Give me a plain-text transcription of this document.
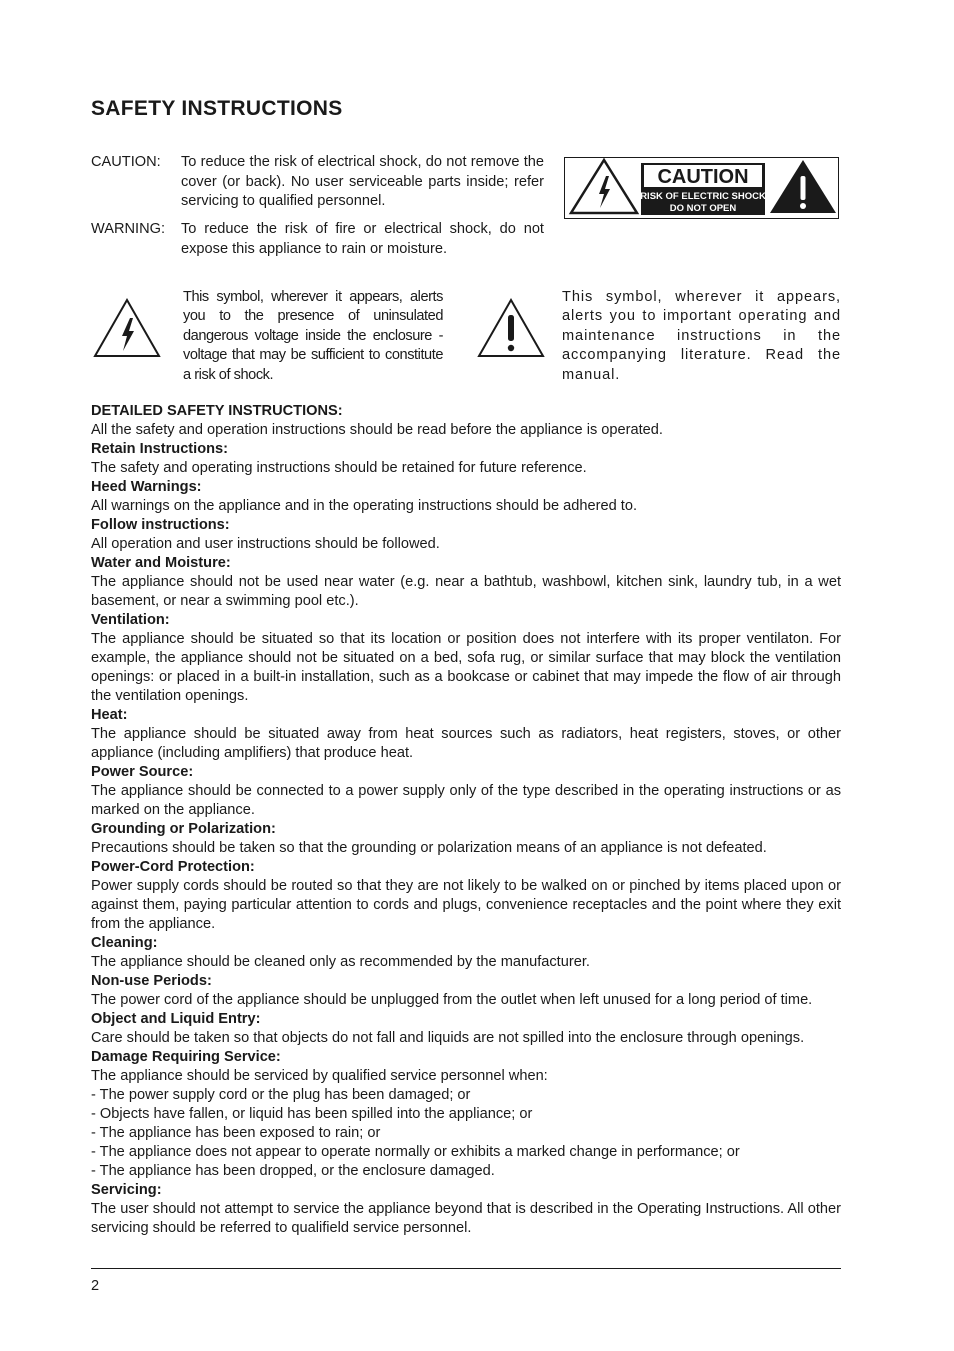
SAFETY INSTRUCTIONS
CAUTION: To reduce the risk of electrical shock, do not remove the cover (or back). No user serviceable parts inside; refer servicing to qualified personnel.
WARNING: To reduce the risk of fire or electrical shock, do not expose this appliance to rain or moisture.
CAUTION
RISK OF ELECTRIC SHOCK
DO NOT OPEN
This symbol, wherever it appears, alerts you to the presence of uninsulated dangerous voltage inside the enclosure - voltage that may be sufficient to constitute a risk of shock.
This symbol, wherever it appears, alerts you to important operating and maintenance instructions in the accompanying literature. Read the manual.
DETAILED SAFETY INSTRUCTIONS:
All the safety and operation instructions should be read before the appliance is operated.
Retain Instructions:
The safety and operating instructions should be retained for future reference.
Heed Warnings:
All warnings on the appliance and in the operating instructions should be adhered to.
Follow instructions:
All operation and user instructions should be followed.
Water and Moisture:
The appliance should not be used near water (e.g. near a bathtub, washbowl, kitchen sink, laundry tub, in a wet basement, or near a swimming pool etc.).
Ventilation:
The appliance should be situated so that its location or position does not interfere with its proper ventilaton. For example, the appliance should not be situated on a bed, sofa rug, or similar surface that may block the ventilation openings: or placed in a built-in installation, such as a bookcase or cabinet that may impede the flow of air through the ventilation openings.
Heat:
The appliance should be situated away from heat sources such as radiators, heat registers, stoves, or other appliance (including amplifiers) that produce heat.
Power Source:
The appliance should be connected to a power supply only of the type described in the operating instructions or as marked on the appliance.
Grounding or Polarization:
Precautions should be taken so that the grounding or polarization means of an appliance is not defeated.
Power-Cord Protection:
Power supply cords should be routed so that they are not likely to be walked on or pinched by items placed upon or against them, paying particular attention to cords and plugs, convenience receptacles and the point where they exit from the appliance.
Cleaning:
The appliance should be cleaned only as recommended by the manufacturer.
Non-use Periods:
The power cord of the appliance should be unplugged from the outlet when left unused for a long period of time.
Object and Liquid Entry:
Care should be taken so that objects do not fall and liquids are not spilled into the enclosure through openings.
Damage Requiring Service:
The appliance should be serviced by qualified service personnel when:
- The power supply cord or the plug has been damaged; or
- Objects have fallen, or liquid has been spilled into the appliance; or
- The appliance has been exposed to rain; or
- The appliance does not appear to operate normally or exhibits a marked change in performance; or
- The appliance has been dropped, or the enclosure damaged.
Servicing:
The user should not attempt to service the appliance beyond that is described in the Operating Instructions. All other servicing should be referred to qualifield service personnel.
2
